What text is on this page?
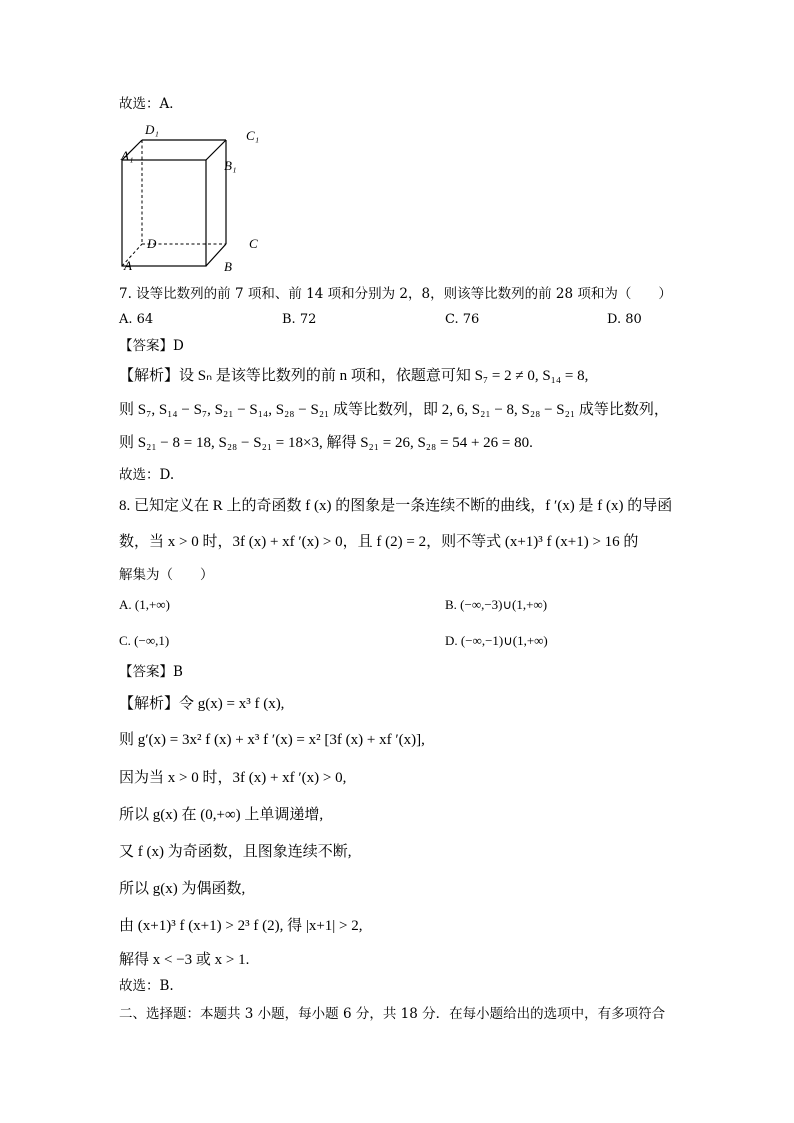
故选：A．
D₁	C₁
A₁
B₁
D	C
A	B
7. 设等比数列的前 7 项和、前 14 项和分别为 2，8，则该等比数列的前 28 项和为（　　）
A. 64	B. 72	C. 76	D. 80
【答案】D
【解析】设 Sₙ 是该等比数列的前 n 项和，依题意可知 S₇ = 2 ≠ 0, S₁₄ = 8,
则 S₇, S₁₄ − S₇, S₂₁ − S₁₄, S₂₈ − S₂₁ 成等比数列，即 2, 6, S₂₁ − 8, S₂₈ − S₂₁ 成等比数列，
则 S₂₁ − 8 = 18, S₂₈ − S₂₁ = 18×3, 解得 S₂₁ = 26, S₂₈ = 54 + 26 = 80.
故选：D.
8. 已知定义在 R 上的奇函数 f (x) 的图象是一条连续不断的曲线，f ′(x) 是 f (x) 的导函
数，当 x > 0 时，3f (x) + xf ′(x) > 0，且 f (2) = 2，则不等式 (x+1)³ f (x+1) > 16 的
解集为（　　）
A. (1,+∞)	B. (−∞,−3)∪(1,+∞)
C. (−∞,1)	D. (−∞,−1)∪(1,+∞)
【答案】B
【解析】令 g(x) = x³ f (x),
则 g′(x) = 3x² f (x) + x³ f ′(x) = x² [3f (x) + xf ′(x)],
因为当 x > 0 时，3f (x) + xf ′(x) > 0,
所以 g(x) 在 (0,+∞) 上单调递增,
又 f (x) 为奇函数，且图象连续不断,
所以 g(x) 为偶函数,
由 (x+1)³ f (x+1) > 2³ f (2), 得 |x+1| > 2,
解得 x < −3 或 x > 1.
故选：B.
二、选择题：本题共 3 小题，每小题 6 分，共 18 分．在每小题给出的选项中，有多项符合
